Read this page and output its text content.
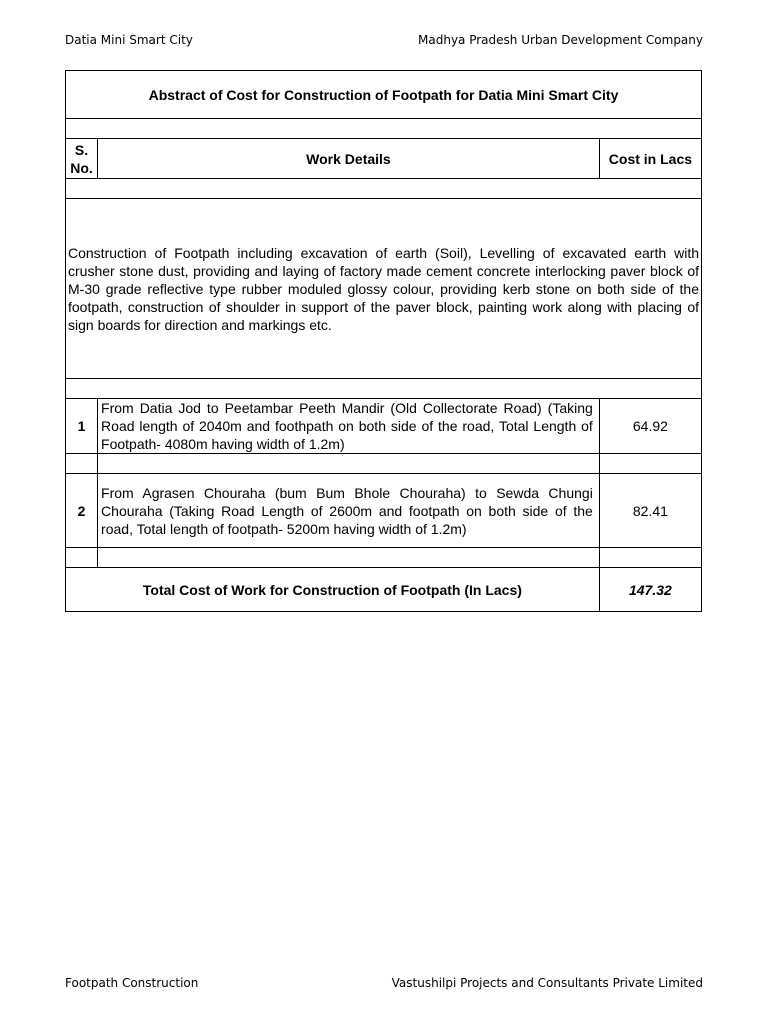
Datia Mini Smart City	Madhya Pradesh Urban Development Company
Abstract of Cost for Construction of Footpath for Datia Mini Smart City		

S. No.	Work Details	Cost in Lacs

Construction of Footpath including excavation of earth (Soil), Levelling of excavated earth with crusher stone dust, providing and laying of factory made cement concrete interlocking paver block of M-30 grade reflective type rubber moduled glossy colour, providing kerb stone on both side of the footpath, construction of shoulder in support of the paver block, painting work along with placing of sign boards for direction and markings etc.		

1	From Datia Jod to Peetambar Peeth Mandir (Old Collectorate Road) (Taking Road length of 2040m and foothpath on both side of the road, Total Length of Footpath- 4080m having width of 1.2m)	64.92

2	From Agrasen Chouraha (bum Bum Bhole Chouraha) to Sewda Chungi Chouraha (Taking Road Length of 2600m and footpath on both side of the road, Total length of footpath- 5200m having width of 1.2m)	82.41

Total Cost of Work for Construction of Footpath (In Lacs)		147.32
Footpath Construction	Vastushilpi Projects and Consultants Private Limited
